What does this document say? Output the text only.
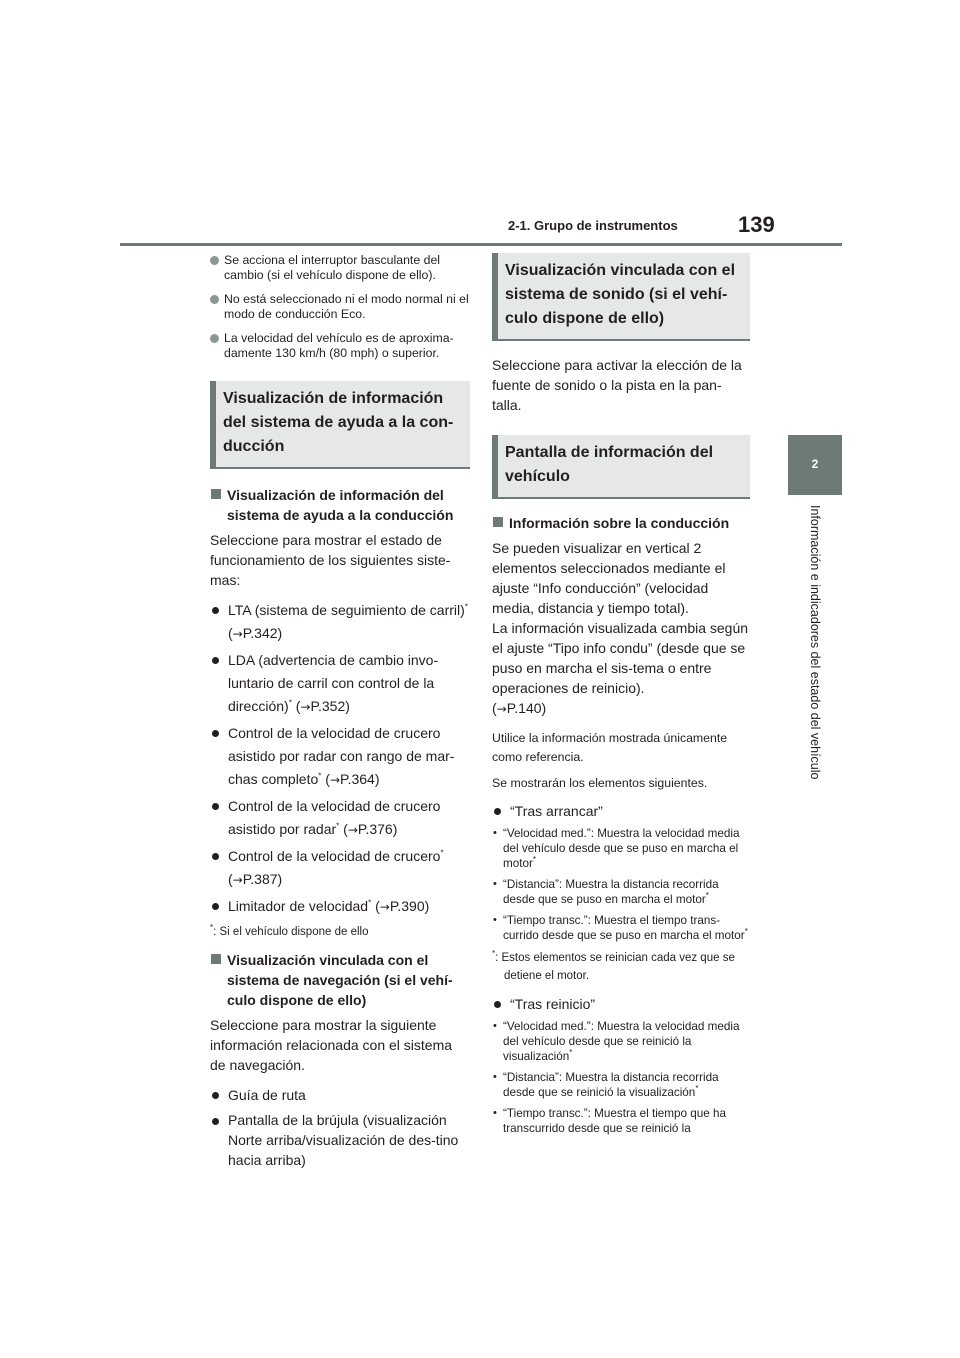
2-1. Grupo de instrumentos	139
2
Información e indicadores del estado del vehículo
Se acciona el interruptor basculante del cambio (si el vehículo dispone de ello).
No está seleccionado ni el modo normal ni el modo de conducción Eco.
La velocidad del vehículo es de aproxima-damente 130 km/h (80 mph) o superior.
Visualización de información del sistema de ayuda a la con-ducción
Visualización de información del sistema de ayuda a la conducción
Seleccione para mostrar el estado de funcionamiento de los siguientes siste-mas:
LTA (sistema de seguimiento de carril)* (→P.342)
LDA (advertencia de cambio invo-luntario de carril con control de la dirección)* (→P.352)
Control de la velocidad de crucero asistido por radar con rango de mar-chas completo* (→P.364)
Control de la velocidad de crucero asistido por radar* (→P.376)
Control de la velocidad de crucero*
(→P.387)
Limitador de velocidad* (→P.390)
*: Si el vehículo dispone de ello
Visualización vinculada con el sistema de navegación (si el vehí-culo dispone de ello)
Seleccione para mostrar la siguiente información relacionada con el sistema de navegación.
Guía de ruta
Pantalla de la brújula (visualización Norte arriba/visualización de des-tino hacia arriba)
Visualización vinculada con el sistema de sonido (si el vehí-culo dispone de ello)
Seleccione para activar la elección de la fuente de sonido o la pista en la pan-talla.
Pantalla de información del vehículo
Información sobre la conducción
Se pueden visualizar en vertical 2 elementos seleccionados mediante el ajuste “Info conducción” (velocidad media, distancia y tiempo total).
La información visualizada cambia según el ajuste “Tipo info condu” (desde que se puso en marcha el sis-tema o entre operaciones de reinicio).
(→P.140)
Utilice la información mostrada únicamente como referencia.
Se mostrarán los elementos siguientes.
“Tras arrancar”
• “Velocidad med.”: Muestra la velocidad media del vehículo desde que se puso en marcha el motor*
• “Distancia”: Muestra la distancia recorrida desde que se puso en marcha el motor*
• “Tiempo transc.”: Muestra el tiempo trans-currido desde que se puso en marcha el motor*
*: Estos elementos se reinician cada vez que se detiene el motor.
“Tras reinicio”
• “Velocidad med.”: Muestra la velocidad media del vehículo desde que se reinició la visualización*
• “Distancia”: Muestra la distancia recorrida desde que se reinició la visualización*
• “Tiempo transc.”: Muestra el tiempo que ha transcurrido desde que se reinició la
